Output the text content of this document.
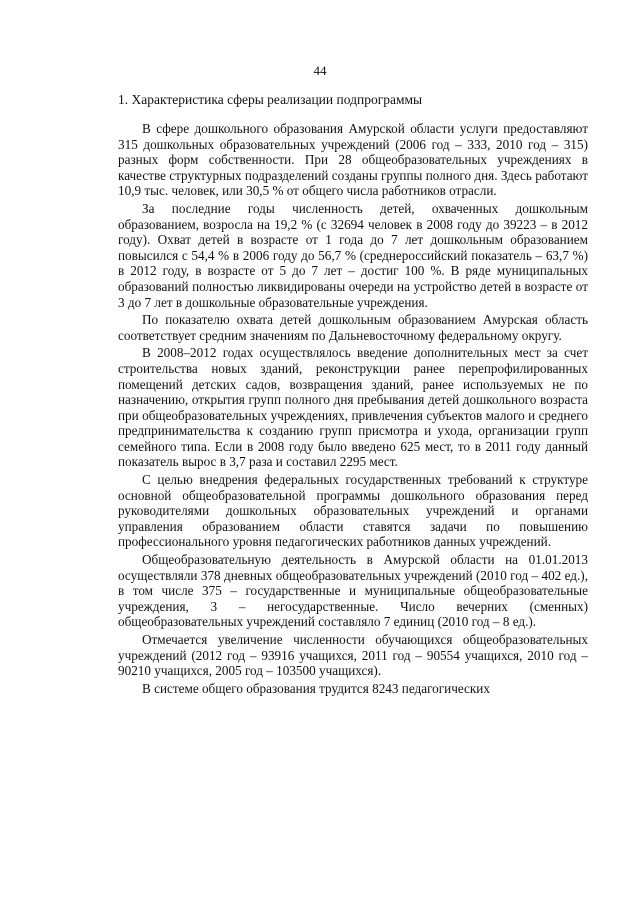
44
1. Характеристика сферы реализации подпрограммы

В сфере дошкольного образования Амурской области услуги предоставляют 315 дошкольных образовательных учреждений (2006 год – 333, 2010 год – 315) разных форм собственности. При 28 общеобразовательных учреждениях в качестве структурных подразделений созданы группы полного дня. Здесь работают 10,9 тыс. человек, или 30,5 % от общего числа работников отрасли.

За последние годы численность детей, охваченных дошкольным образованием, возросла на 19,2 % (с 32694 человек в 2008 году до 39223 – в 2012 году). Охват детей в возрасте от 1 года до 7 лет дошкольным образованием повысился с 54,4 % в 2006 году до 56,7 % (среднероссийский показатель – 63,7 %) в 2012 году, в возрасте от 5 до 7 лет – достиг 100 %. В ряде муниципальных образований полностью ликвидированы очереди на устройство детей в возрасте от 3 до 7 лет в дошкольные образовательные учреждения.

По показателю охвата детей дошкольным образованием Амурская область соответствует средним значениям по Дальневосточному федеральному округу.

В 2008–2012 годах осуществлялось введение дополнительных мест за счет строительства новых зданий, реконструкции ранее перепрофилированных помещений детских садов, возвращения зданий, ранее используемых не по назначению, открытия групп полного дня пребывания детей дошкольного возраста при общеобразовательных учреждениях, привлечения субъектов малого и среднего предпринимательства к созданию групп присмотра и ухода, организации групп семейного типа. Если в 2008 году было введено 625 мест, то в 2011 году данный показатель вырос в 3,7 раза и составил 2295 мест.

С целью внедрения федеральных государственных требований к структуре основной общеобразовательной программы дошкольного образования перед руководителями дошкольных образовательных учреждений и органами управления образованием области ставятся задачи по повышению профессионального уровня педагогических работников данных учреждений.

Общеобразовательную деятельность в Амурской области на 01.01.2013 осуществляли 378 дневных общеобразовательных учреждений (2010 год – 402 ед.), в том числе 375 – государственные и муниципальные общеобразовательные учреждения, 3 – негосударственные. Число вечерних (сменных) общеобразовательных учреждений составляло 7 единиц (2010 год – 8 ед.).

Отмечается увеличение численности обучающихся общеобразовательных учреждений (2012 год – 93916 учащихся, 2011 год – 90554 учащихся, 2010 год – 90210 учащихся, 2005 год – 103500 учащихся).

В системе общего образования трудится 8243 педагогических
